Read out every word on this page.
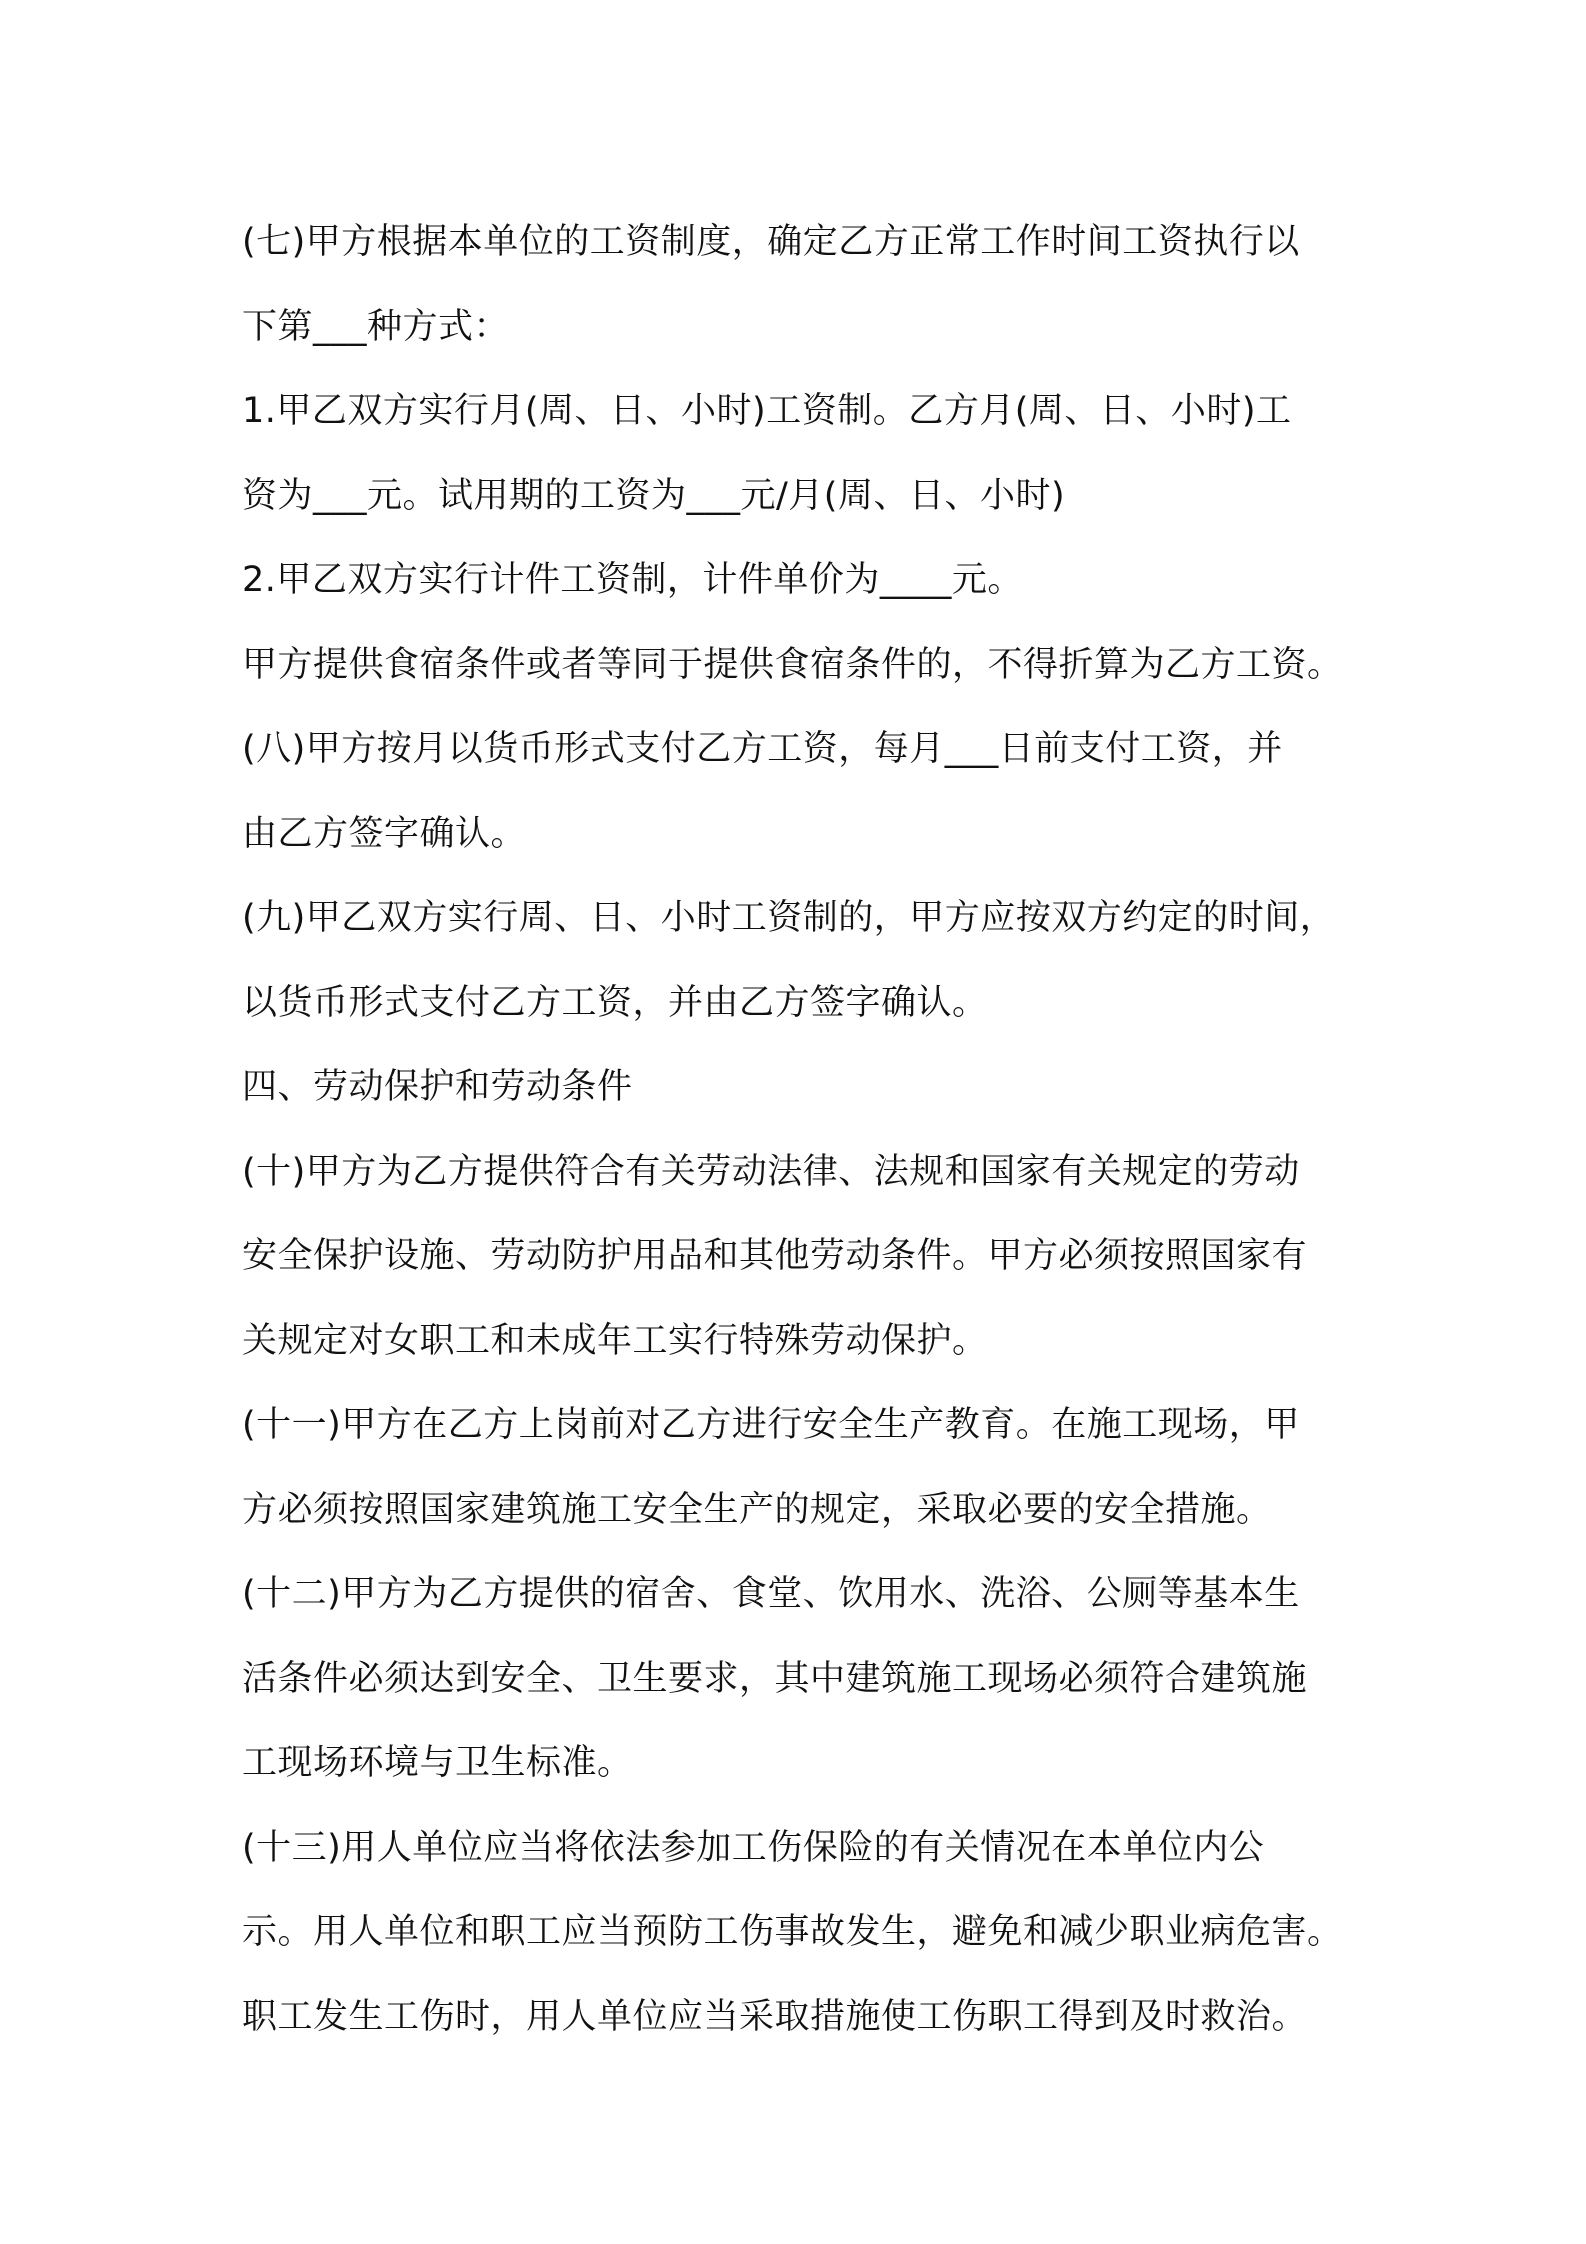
(七)甲方根据本单位的工资制度，确定乙方正常工作时间工资执行以
下第___种方式：
1.甲乙双方实行月(周、日、小时)工资制。乙方月(周、日、小时)工
资为___元。试用期的工资为___元/月(周、日、小时)
2.甲乙双方实行计件工资制，计件单价为____元。
甲方提供食宿条件或者等同于提供食宿条件的，不得折算为乙方工资。
(八)甲方按月以货币形式支付乙方工资，每月___日前支付工资，并
由乙方签字确认。
(九)甲乙双方实行周、日、小时工资制的，甲方应按双方约定的时间，
以货币形式支付乙方工资，并由乙方签字确认。
四、劳动保护和劳动条件
(十)甲方为乙方提供符合有关劳动法律、法规和国家有关规定的劳动
安全保护设施、劳动防护用品和其他劳动条件。甲方必须按照国家有
关规定对女职工和未成年工实行特殊劳动保护。
(十一)甲方在乙方上岗前对乙方进行安全生产教育。在施工现场，甲
方必须按照国家建筑施工安全生产的规定，采取必要的安全措施。
(十二)甲方为乙方提供的宿舍、食堂、饮用水、洗浴、公厕等基本生
活条件必须达到安全、卫生要求，其中建筑施工现场必须符合建筑施
工现场环境与卫生标准。
(十三)用人单位应当将依法参加工伤保险的有关情况在本单位内公
示。用人单位和职工应当预防工伤事故发生，避免和减少职业病危害。
职工发生工伤时，用人单位应当采取措施使工伤职工得到及时救治。
